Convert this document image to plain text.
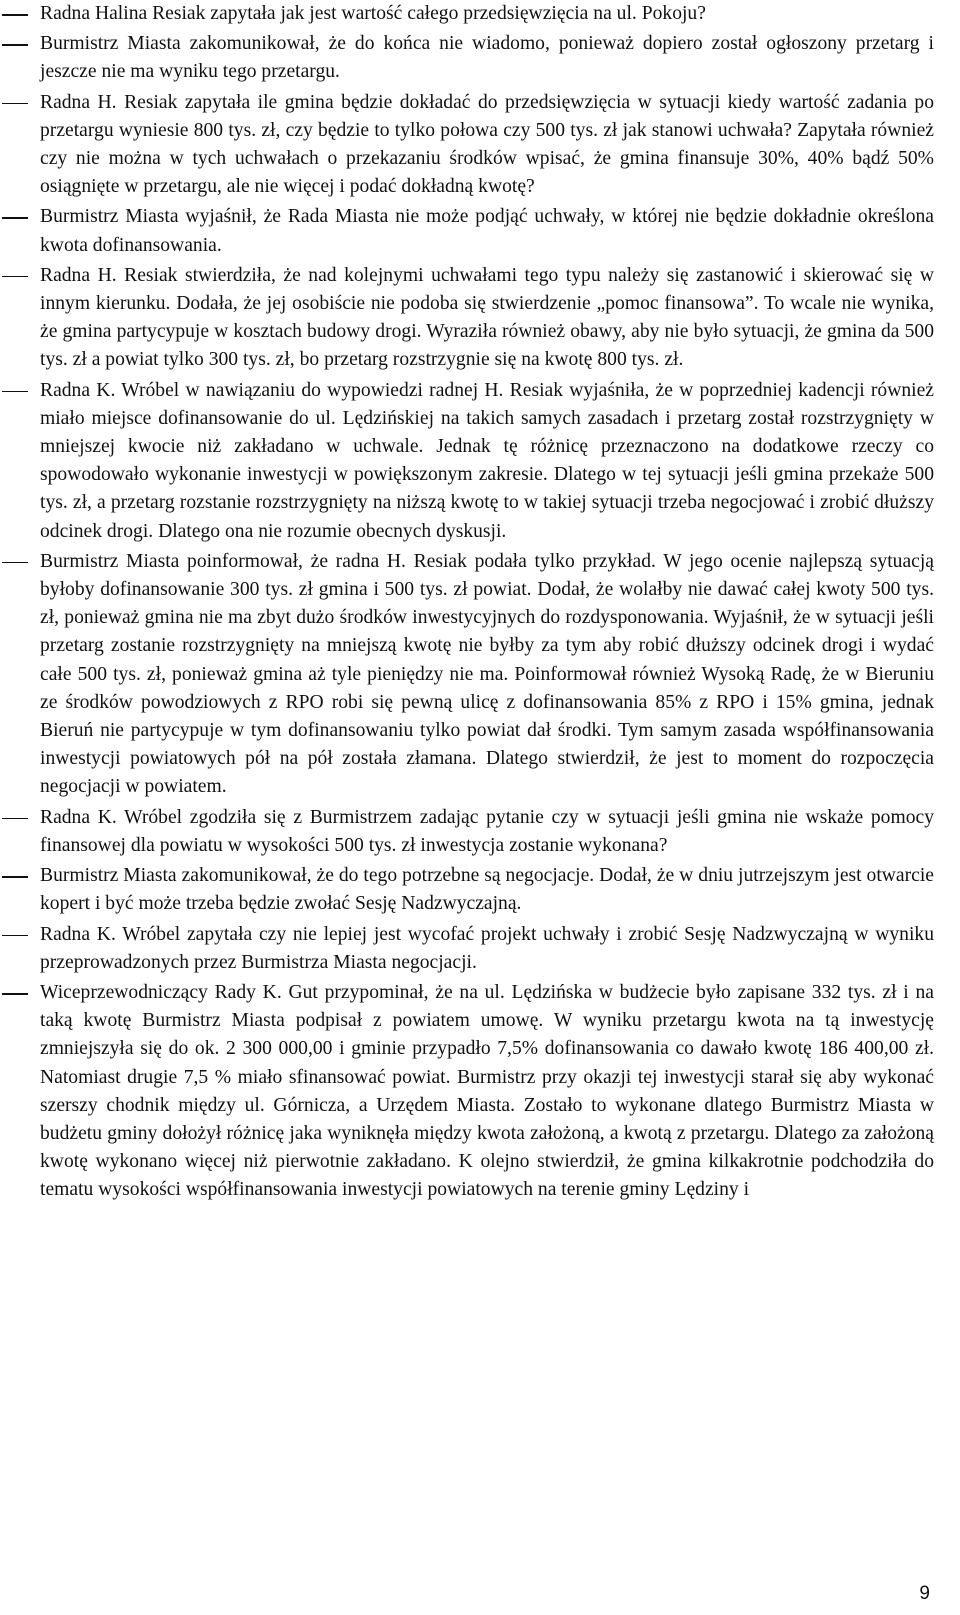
Radna Halina Resiak zapytała jak jest wartość całego przedsięwzięcia na ul. Pokoju?

Burmistrz Miasta zakomunikował, że do końca nie wiadomo, ponieważ dopiero został ogłoszony przetarg i jeszcze nie ma wyniku tego przetargu.

Radna H. Resiak zapytała ile gmina będzie dokładać do przedsięwzięcia w sytuacji kiedy wartość zadania po przetargu wyniesie 800 tys. zł, czy będzie to tylko połowa czy 500 tys. zł jak stanowi uchwała? Zapytała również czy nie można w tych uchwałach o przekazaniu środków wpisać, że gmina finansuje 30%, 40% bądź 50% osiągnięte w przetargu, ale nie więcej i podać dokładną kwotę?

Burmistrz Miasta wyjaśnił, że Rada Miasta nie może podjąć uchwały, w której nie będzie dokładnie określona kwota dofinansowania.

Radna H. Resiak stwierdziła, że nad kolejnymi uchwałami tego typu należy się zastanowić i skierować się w innym kierunku. Dodała, że jej osobiście nie podoba się stwierdzenie „pomoc finansowa”. To wcale nie wynika, że gmina partycypuje w kosztach budowy drogi. Wyraziła również obawy, aby nie było sytuacji, że gmina da 500 tys. zł a powiat tylko 300 tys. zł, bo przetarg rozstrzygnie się na kwotę 800 tys. zł.

Radna K. Wróbel w nawiązaniu do wypowiedzi radnej H. Resiak wyjaśniła, że w poprzedniej kadencji również miało miejsce dofinansowanie do ul. Lędzińskiej na takich samych zasadach i przetarg został rozstrzygnięty w mniejszej kwocie niż zakładano w uchwale. Jednak tę różnicę przeznaczono na dodatkowe rzeczy co spowodowało wykonanie inwestycji w powiększonym zakresie. Dlatego w tej sytuacji jeśli gmina przekaże 500 tys. zł, a przetarg rozstanie rozstrzygnięty na niższą kwotę to w takiej sytuacji trzeba negocjować i zrobić dłuższy odcinek drogi. Dlatego ona nie rozumie obecnych dyskusji.

Burmistrz Miasta poinformował, że radna H. Resiak podała tylko przykład. W jego ocenie najlepszą sytuacją byłoby dofinansowanie 300 tys. zł gmina i 500 tys. zł powiat. Dodał, że wolałby nie dawać całej kwoty 500 tys. zł, ponieważ gmina nie ma zbyt dużo środków inwestycyjnych do rozdysponowania. Wyjaśnił, że w sytuacji jeśli przetarg zostanie rozstrzygnięty na mniejszą kwotę nie byłby za tym aby robić dłuższy odcinek drogi i wydać całe 500 tys. zł, ponieważ gmina aż tyle pieniędzy nie ma. Poinformował również Wysoką Radę, że w Bieruniu ze środków powodziowych z RPO robi się pewną ulicę z dofinansowania 85% z RPO i 15% gmina, jednak Bieruń nie partycypuje w tym dofinansowaniu tylko powiat dał środki. Tym samym zasada współfinansowania inwestycji powiatowych pół na pół została złamana. Dlatego stwierdził, że jest to moment do rozpoczęcia negocjacji w powiatem.

Radna K. Wróbel zgodziła się z Burmistrzem zadając pytanie czy w sytuacji jeśli gmina nie wskaże pomocy finansowej dla powiatu w wysokości 500 tys. zł inwestycja zostanie wykonana?

Burmistrz Miasta zakomunikował, że do tego potrzebne są negocjacje. Dodał, że w dniu jutrzejszym jest otwarcie kopert i być może trzeba będzie zwołać Sesję Nadzwyczajną.

Radna K. Wróbel zapytała czy nie lepiej jest wycofać projekt uchwały i zrobić Sesję Nadzwyczajną w wyniku przeprowadzonych przez Burmistrza Miasta negocjacji.

Wiceprzewodniczący Rady K. Gut przypominał, że na ul. Lędzińska w budżecie było zapisane 332 tys. zł i na taką kwotę Burmistrz Miasta podpisał z powiatem umowę. W wyniku przetargu kwota na tą inwestycję zmniejszyła się do ok. 2 300 000,00 i gminie przypadło 7,5% dofinansowania co dawało kwotę 186 400,00 zł. Natomiast drugie 7,5 % miało sfinansować powiat. Burmistrz przy okazji tej inwestycji starał się aby wykonać szerszy chodnik między ul. Górnicza, a Urzędem Miasta. Zostało to wykonane dlatego Burmistrz Miasta w budżetu gminy dołożył różnicę jaka wyniknęła między kwota założoną, a kwotą z przetargu. Dlatego za założoną kwotę wykonano więcej niż pierwotnie zakładano. K olejno stwierdził, że gmina kilkakrotnie podchodziła do tematu wysokości współfinansowania inwestycji powiatowych na terenie gminy Lędziny i

9
